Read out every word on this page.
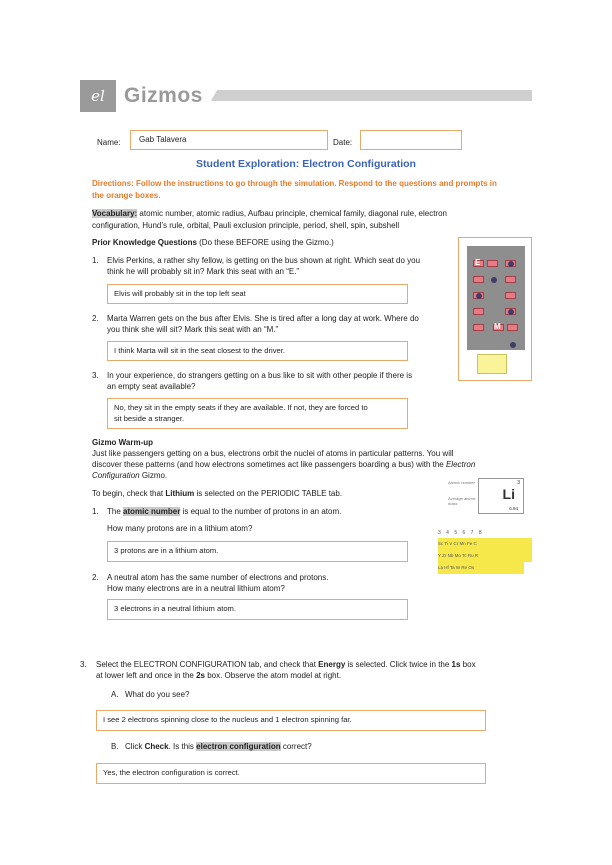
el Gizmos
Name:	Gab Talavera	Date:
Student Exploration: Electron Configuration
Directions: Follow the instructions to go through the simulation. Respond to the questions and prompts in the orange boxes.
Vocabulary: atomic number, atomic radius, Aufbau principle, chemical family, diagonal rule, electron
configuration, Hund’s rule, orbital, Pauli exclusion principle, period, shell, spin, subshell
Prior Knowledge Questions (Do these BEFORE using the Gizmo.)
1. Elvis Perkins, a rather shy fellow, is getting on the bus shown at right. Which seat do you
think he will probably sit in? Mark this seat with an “E.”
Elvis will probably sit in the top left seat
2. Marta Warren gets on the bus after Elvis. She is tired after a long day at work. Where do
you think she will sit? Mark this seat with an “M.”
I think Marta will sit in the seat closest to the driver.
3. In your experience, do strangers getting on a bus like to sit with other people if there is
an empty seat available?
No, they sit in the empty seats if they are available. If not, they are forced to
sit beside a stranger.
E
M
Gizmo Warm-up
Just like passengers getting on a bus, electrons orbit the nuclei of atoms in particular patterns. You will
discover these patterns (and how electrons sometimes act like passengers boarding a bus) with the Electron
Configuration Gizmo.
To begin, check that Lithium is selected on the PERIODIC TABLE tab.
1. The atomic number is equal to the number of protons in an atom.
How many protons are in a lithium atom?
3 protons are in a lithium atom.
2. A neutral atom has the same number of electrons and protons.
How many electrons are in a neutral lithium atom?
3 electrons in a neutral lithium atom.
Atomic number
Average atomic mass
3
Li
6.94
3 4 5 6 7 8
Sc Ti V Cr Mn Fe C
Y Zr Nb Mo Tc Ru R
La Hf Ta W Re Os
3. Select the ELECTRON CONFIGURATION tab, and check that Energy is selected. Click twice in the 1s box
at lower left and once in the 2s box. Observe the atom model at right.
A. What do you see?
I see 2 electrons spinning close to the nucleus and 1 electron spinning far.
B. Click Check. Is this electron configuration correct?
Yes, the electron configuration is correct.
